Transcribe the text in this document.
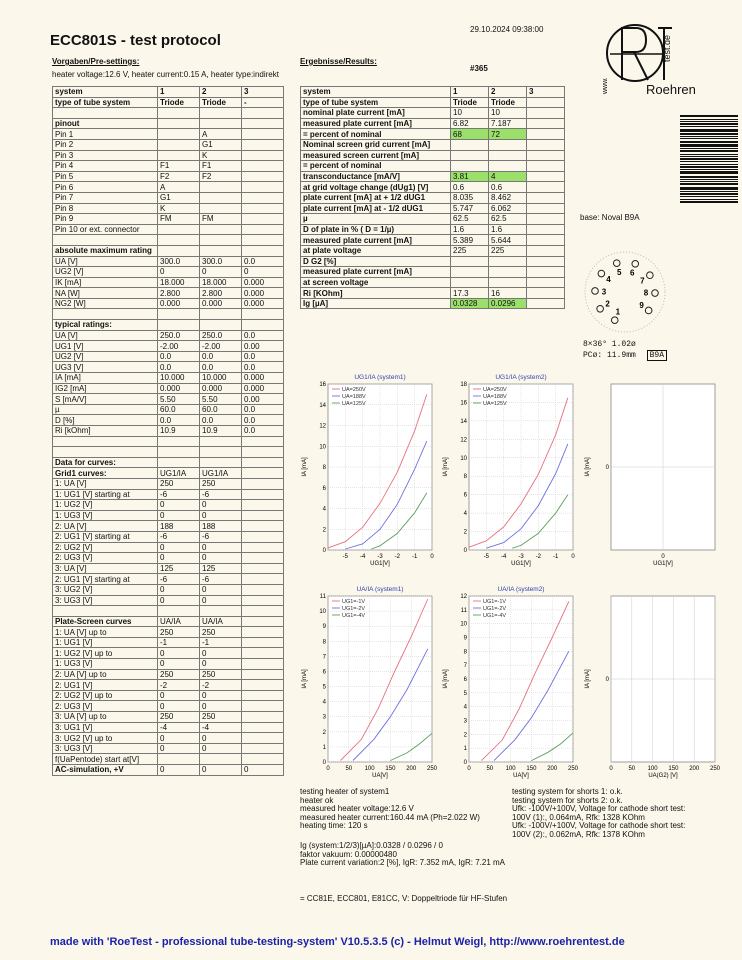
ECC801S - test protocol
29.10.2024 09:38:00
Vorgaben/Pre-settings:
heater voltage:12.6 V, heater current:0.15 A, heater type:indirekt
Ergebnisse/Results:
#365
Roehren
test.de
www.
system	1	2	3
type of tube system	Triode	Triode	-

pinout			
Pin 1		A	
Pin 2		G1	
Pin 3		K	
Pin 4	F1	F1	
Pin 5	F2	F2	
Pin 6	A		
Pin 7	G1		
Pin 8	K		
Pin 9	FM	FM	
Pin 10 or ext. connector			

absolute maximum rating			
UA [V]	300.0	300.0	0.0
UG2 [V]	0	0	0
IK [mA]	18.000	18.000	0.000
NA [W]	2.800	2.800	0.000
NG2 [W]	0.000	0.000	0.000

typical ratings:			
UA [V]	250.0	250.0	0.0
UG1 [V]	-2.00	-2.00	0.00
UG2 [V]	0.0	0.0	0.0
UG3 [V]	0.0	0.0	0.0
IA [mA]	10.000	10.000	0.000
IG2 [mA]	0.000	0.000	0.000
S [mA/V]	5.50	5.50	0.00
µ	60.0	60.0	0.0
D [%]	0.0	0.0	0.0
Ri [kOhm]	10.9	10.9	0.0

Data for curves:			
Grid1 curves:	UG1/IA	UG1/IA	
1: UA [V]	250	250	
1: UG1 [V] starting at	-6	-6	
1: UG2 [V]	0	0	
1: UG3 [V]	0	0	
2: UA [V]	188	188	
2: UG1 [V] starting at	-6	-6	
2: UG2 [V]	0	0	
2: UG3 [V]	0	0	
3: UA [V]	125	125	
2: UG1 [V] starting at	-6	-6	
3: UG2 [V]	0	0	
3: UG3 [V]	0	0	

Plate-Screen curves	UA/IA	UA/IA	
1: UA [V] up to	250	250	
1: UG1 [V]	-1	-1	
1: UG2 [V] up to	0	0	
1: UG3 [V]	0	0	
2: UA [V] up to	250	250	
2: UG1 [V]	-2	-2	
2: UG2 [V] up to	0	0	
2: UG3 [V]	0	0	
3: UA [V] up to	250	250	
3: UG1 [V]	-4	-4	
3: UG2 [V] up to	0	0	
3: UG3 [V]	0	0	
f(UaPentode) start at[V]			
AC-simulation, +V	0	0	0
system	1	2	3
type of tube system	Triode	Triode	
nominal plate current [mA]	10	10	
measured plate current [mA]	6.82	7.187	
= percent of nominal	68	72	
Nominal screen grid current [mA]			
measured screen current [mA]			
= percent of nominal			
transconductance [mA/V]	3.81	4	
at grid voltage change (dUg1) [V]	0.6	0.6	
plate current [mA] at + 1/2 dUG1	8.035	8.462	
plate current [mA] at - 1/2 dUG1	5.747	6.062	
µ	62.5	62.5	
D of plate in % ( D = 1/µ)	1.6	1.6	
measured plate current [mA]	5.389	5.644	
at plate voltage	225	225	
D G2 [%]			
measured plate current [mA]			
at screen voltage			
Ri [KOhm]	17.3	16	
Ig [µA]	0.0328	0.0296	
base: Noval B9A
1
2
3
4
5 6
7
8
9
8×36° 1.02ø
PCø: 11.9mm B9A
UG1/IA (system1)
0
2
4
6
8
10
12
14
16
-5 -4 -3 -2 -1 0
UG1[V]
IA [mA]
UA=250V
UA=188V
UA=125V
UG1/IA (system2)
0
2
4
6
8
10
12
14
16
18
-5 -4 -3 -2 -1 0
UG1[V]
IA [mA]
UA=250V
UA=188V
UA=125V
0
0
UG1[V]
IA [mA]
UA/IA (system1)
0
1
2
3
4
5
6
7
8
9
10
11
0	50 100 150 200 250
UA[V]
IA [mA]
UG1=-1V
UG1=-2V
UG1=-4V
UA/IA (system2)
0
1
2
3
4
5
6
7
8
9
10
11
12
0	50 100 150 200 250
UA[V]
IA [mA]
UG1=-1V
UG1=-2V
UG1=-4V
0
0	50 100 150 200 250
UA(G2) [V]
IA [mA]
testing heater of system1
heater ok
measured heater voltage:12.6 V
measured heater current:160.44 mA (Ph=2.022 W)
heating time: 120 s
testing system for shorts 1: o.k.
testing system for shorts 2: o.k.
Ufk: -100V/+100V, Voltage for cathode short test:
100V (1):, 0.064mA, Rfk: 1328 KOhm
Ufk: -100V/+100V, Voltage for cathode short test:
100V (2):, 0.062mA, Rfk: 1378 KOhm
Ig (system:1/2/3)[µA]:0.0328 / 0.0296 / 0
faktor vakuum: 0.00000480
Plate current variation:2 [%], IgR: 7.352 mA, IgR: 7.21 mA
= CC81E, ECC801, E81CC, V: Doppeltriode für HF-Stufen
made with 'RoeTest - professional tube-testing-system' V10.5.3.5 (c) - Helmut Weigl, http://www.roehrentest.de
